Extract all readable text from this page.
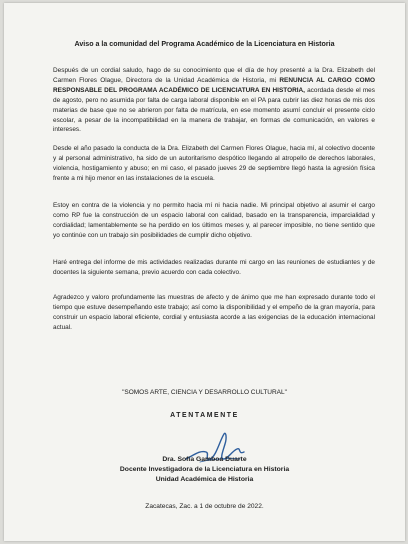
Aviso a la comunidad del Programa Académico de la Licenciatura en Historia

Después de un cordial saludo, hago de su conocimiento que el día de hoy presenté a la Dra. Elizabeth del Carmen Flores Olague, Directora de la Unidad Académica de Historia, mi RENUNCIA AL CARGO COMO RESPONSABLE DEL PROGRAMA ACADÉMICO DE LICENCIATURA EN HISTORIA, acordada desde el mes de agosto, pero no asumida por falta de carga laboral disponible en el PA para cubrir las diez horas de mis dos materias de base que no se abrieron por falta de matrícula, en ese momento asumí concluir el presente ciclo escolar, a pesar de la incompatibilidad en la manera de trabajar, en formas de comunicación, en valores e intereses.

Desde el año pasado la conducta de la Dra. Elizabeth del Carmen Flores Olague, hacia mí, al colectivo docente y al personal administrativo, ha sido de un autoritarismo despótico llegando al atropello de derechos laborales, violencia, hostigamiento y abuso; en mi caso, el pasado jueves 29 de septiembre llegó hasta la agresión física frente a mi hijo menor en las instalaciones de la escuela.

Estoy en contra de la violencia y no permito hacia mí ni hacia nadie. Mi principal objetivo al asumir el cargo como RP fue la construcción de un espacio laboral con calidad, basado en la transparencia, imparcialidad y cordialidad; lamentablemente se ha perdido en los últimos meses y, al parecer imposible, no tiene sentido que yo continúe con un trabajo sin posibilidades de cumplir dicho objetivo.

Haré entrega del informe de mis actividades realizadas durante mi cargo en las reuniones de estudiantes y de docentes la siguiente semana, previo acuerdo con cada colectivo.

Agradezco y valoro profundamente las muestras de afecto y de ánimo que me han expresado durante todo el tiempo que estuve desempeñando este trabajo; así como la disponibilidad y el empeño de la gran mayoría, para construir un espacio laboral eficiente, cordial y entusiasta acorde a las exigencias de la educación internacional actual.

"SOMOS ARTE, CIENCIA Y DESARROLLO CULTURAL"

ATENTAMENTE

Dra. Sofía Gamboa Duarte
Docente Investigadora de la Licenciatura en Historia
Unidad Académica de Historia

Zacatecas, Zac. a 1 de octubre de 2022.
